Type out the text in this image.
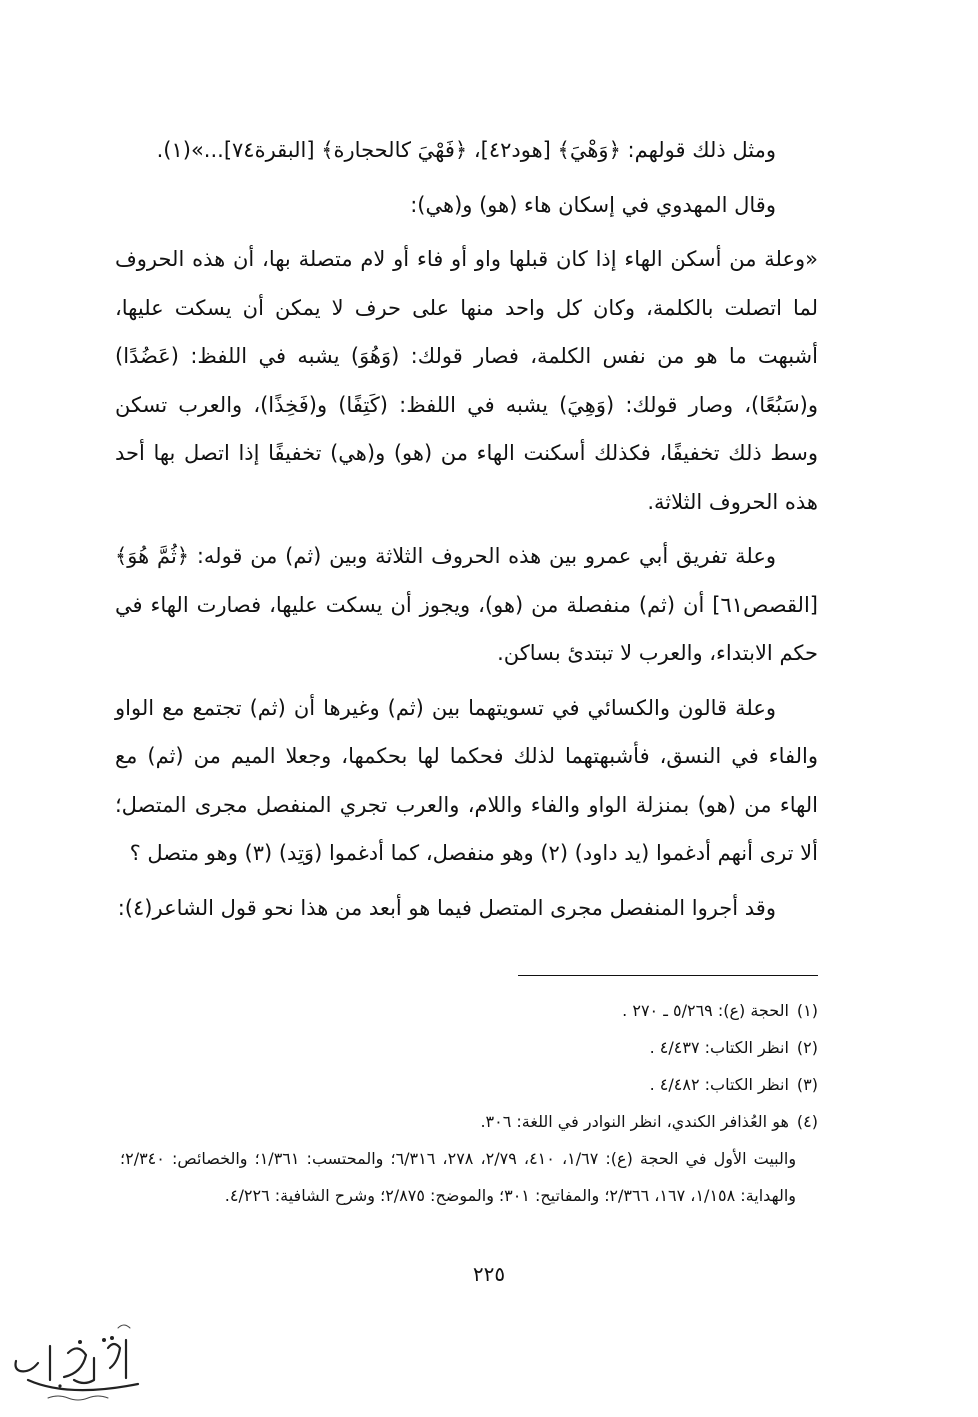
ومثل ذلك قولهم: ﴿وَهْيَ﴾ [هود٤٢]، ﴿فَهْيَ كالحجارة﴾ [البقرة٧٤]...»(١).

وقال المهدوي في إسكان هاء (هو) و(هي):

«وعلة من أسكن الهاء إذا كان قبلها واو أو فاء أو لام متصلة بها، أن هذه الحروف لما اتصلت بالكلمة، وكان كل واحد منها على حرف لا يمكن أن يسكت عليها، أشبهت ما هو من نفس الكلمة، فصار قولك: (وَهُوَ) يشبه في اللفظ: (عَضُدًا) و(سَبُعًا)، وصار قولك: (وَهِيَ) يشبه في اللفظ: (كَتِفًا) و(فَخِذًا)، والعرب تسكن وسط ذلك تخفيفًا، فكذلك أسكنت الهاء من (هو) و(هي) تخفيفًا إذا اتصل بها أحد هذه الحروف الثلاثة.

وعلة تفريق أبي عمرو بين هذه الحروف الثلاثة وبين (ثم) من قوله: ﴿ثُمَّ هُوَ﴾ [القصص٦١] أن (ثم) منفصلة من (هو)، ويجوز أن يسكت عليها، فصارت الهاء في حكم الابتداء، والعرب لا تبتدئ بساكن.

وعلة قالون والكسائي في تسويتهما بين (ثم) وغيرها أن (ثم) تجتمع مع الواو والفاء في النسق، فأشبهتهما لذلك فحكما لها بحكمها، وجعلا الميم من (ثم) مع الهاء من (هو) بمنزلة الواو والفاء واللام، والعرب تجري المنفصل مجرى المتصل؛ ألا ترى أنهم أدغموا (يد داود) (٢) وهو منفصل، كما أدغموا (وَتِد) (٣) وهو متصل ؟

وقد أجروا المنفصل مجرى المتصل فيما هو أبعد من هذا نحو قول الشاعر(٤):

(١)الحجة (ع): ٥/٢٦٩ ـ ٢٧٠ .

(٢)انظر الكتاب: ٤/٤٣٧ .

(٣)انظر الكتاب: ٤/٤٨٢ .

(٤)هو العُذافر الكندي، انظر النوادر في اللغة: ٣٠٦.

والبيت الأول في الحجة (ع): ١/٦٧، ٤١٠، ٢/٧٩، ٢٧٨، ٦/٣١٦؛ والمحتسب: ١/٣٦١؛ والخصائص: ٢/٣٤٠؛ والهداية: ١/١٥٨، ١٦٧، ٢/٣٦٦؛ والمفاتيح: ٣٠١؛ والموضح: ٢/٨٧٥؛ وشرح الشافية: ٤/٢٢٦.

٢٢٥
